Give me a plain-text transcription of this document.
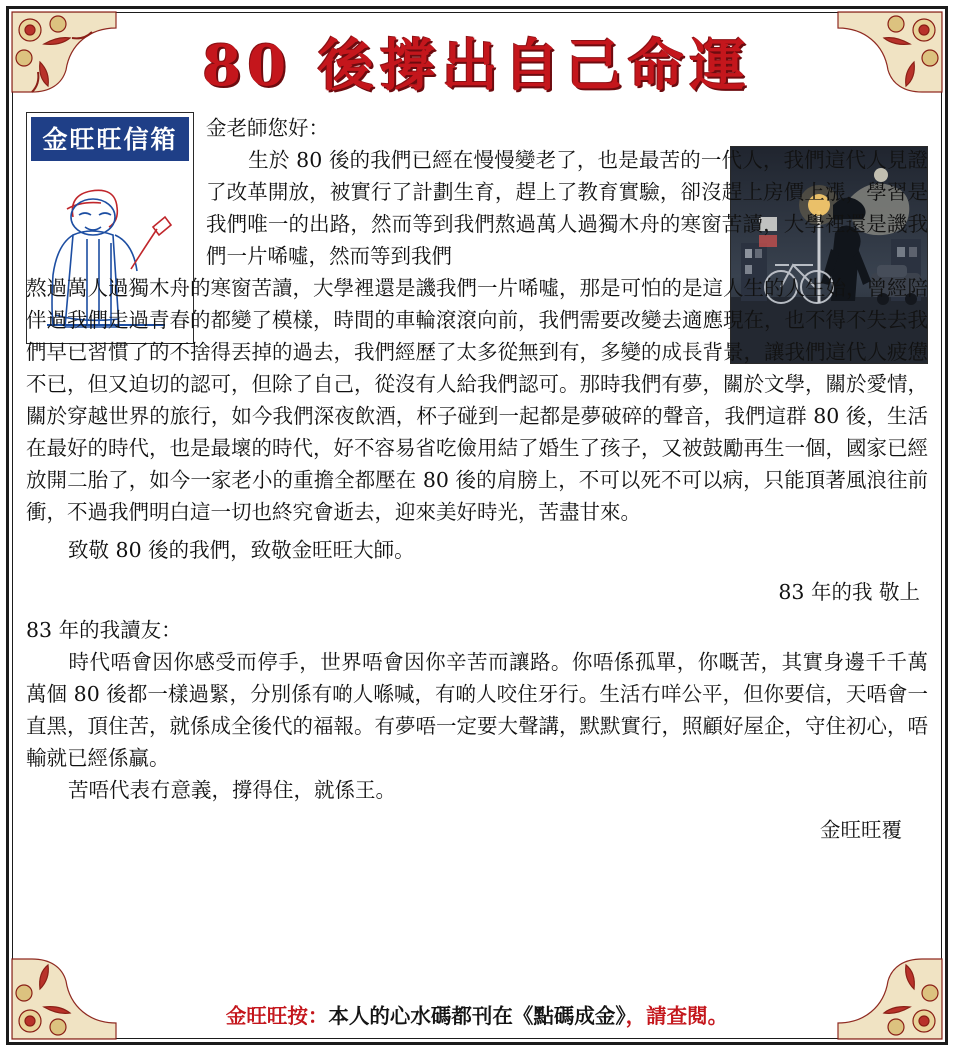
80 後撐出自己命運
金旺旺信箱	金老師您好：

生於 80 後的我們已經在慢慢變老了，也是最苦的一代人，我們這代人見證了改革開放，被實行了計劃生育，趕上了教育實驗，卻沒趕上房價上漲，學習是我們唯一的出路，然而等到我們熬過萬人過獨木舟的寒窗苦讀，大學裡還是譏我們一片唏噓，然而等到我們

熬過萬人過獨木舟的寒窗苦讀，大學裡還是譏我們一片唏噓，那是可怕的是這人生的人生始，曾經陪伴過我們走過青春的都變了模樣，時間的車輪滾滾向前，我們需要改變去適應現在，也不得不失去我們早已習慣了的不捨得丟掉的過去，我們經歷了太多從無到有，多變的成長背景，讓我們這代人疲憊不已，但又迫切的認可，但除了自己，從沒有人給我們認可。那時我們有夢，關於文學，關於愛情，關於穿越世界的旅行，如今我們深夜飲酒，杯子碰到一起都是夢破碎的聲音，我們這群 80 後，生活在最好的時代，也是最壞的時代，好不容易省吃儉用結了婚生了孩子，又被鼓勵再生一個，國家已經放開二胎了，如今一家老小的重擔全都壓在 80 後的肩膀上，不可以死不可以病，只能頂著風浪往前衝，不過我們明白這一切也終究會逝去，迎來美好時光，苦盡甘來。

致敬 80 後的我們，致敬金旺旺大師。

83 年的我 敬上

83 年的我讀友：

時代唔會因你感受而停手，世界唔會因你辛苦而讓路。你唔係孤單，你嘅苦，其實身邊千千萬萬個 80 後都一樣過緊，分別係有啲人喺喊，有啲人咬住牙行。生活冇咩公平，但你要信，天唔會一直黑，頂住苦，就係成全後代的福報。有夢唔一定要大聲講，默默實行，照顧好屋企，守住初心，唔輸就已經係贏。

苦唔代表冇意義，撐得住，就係王。

金旺旺覆

金旺旺按：本人的心水碼都刊在《點碼成金》，請查閱。
